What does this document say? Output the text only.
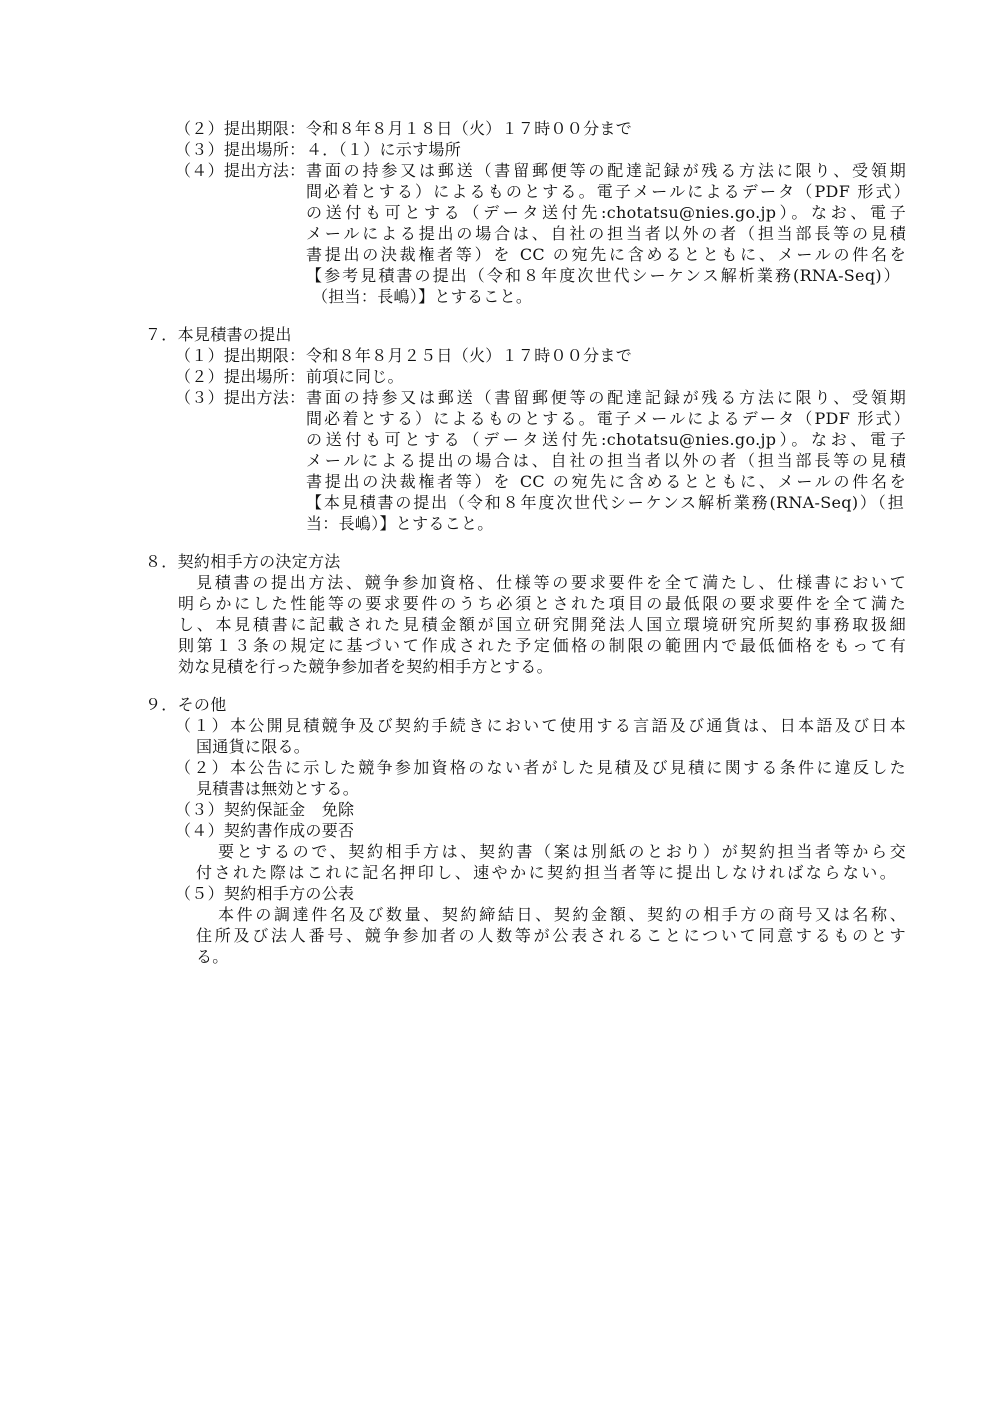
（２）提出期限： 令和８年８月１８日（火）１７時００分まで
（３）提出場所： ４．（１）に示す場所
（４）提出方法： 書面の持参又は郵送（書留郵便等の配達記録が残る方法に限り、受領期
間必着とする）によるものとする。電子メールによるデータ（PDF 形式）
の送付も可とする（データ送付先:chotatsu@nies.go.jp）。なお、電子
メールによる提出の場合は、自社の担当者以外の者（担当部長等の見積
書提出の決裁権者等）を CC の宛先に含めるとともに、メールの件名を
【参考見積書の提出（令和８年度次世代シーケンス解析業務(RNA-Seq)）
（担当：長嶋）】とすること。
７．本見積書の提出
（１）提出期限： 令和８年８月２５日（火）１７時００分まで
（２）提出場所： 前項に同じ。
（３）提出方法： 書面の持参又は郵送（書留郵便等の配達記録が残る方法に限り、受領期
間必着とする）によるものとする。電子メールによるデータ（PDF 形式）
の送付も可とする（データ送付先:chotatsu@nies.go.jp）。なお、電子
メールによる提出の場合は、自社の担当者以外の者（担当部長等の見積
書提出の決裁権者等）を CC の宛先に含めるとともに、メールの件名を
【本見積書の提出（令和８年度次世代シーケンス解析業務(RNA-Seq)）（担
当：長嶋）】とすること。
８．契約相手方の決定方法
見積書の提出方法、競争参加資格、仕様等の要求要件を全て満たし、仕様書において
明らかにした性能等の要求要件のうち必須とされた項目の最低限の要求要件を全て満た
し、本見積書に記載された見積金額が国立研究開発法人国立環境研究所契約事務取扱細
則第１３条の規定に基づいて作成された予定価格の制限の範囲内で最低価格をもって有
効な見積を行った競争参加者を契約相手方とする。
９．その他
（１）本公開見積競争及び契約手続きにおいて使用する言語及び通貨は、日本語及び日本
国通貨に限る。
（２）本公告に示した競争参加資格のない者がした見積及び見積に関する条件に違反した
見積書は無効とする。
（３）契約保証金　免除
（４）契約書作成の要否
要とするので、契約相手方は、契約書（案は別紙のとおり）が契約担当者等から交
付された際はこれに記名押印し、速やかに契約担当者等に提出しなければならない。
（５）契約相手方の公表
本件の調達件名及び数量、契約締結日、契約金額、契約の相手方の商号又は名称、
住所及び法人番号、競争参加者の人数等が公表されることについて同意するものとす
る。
